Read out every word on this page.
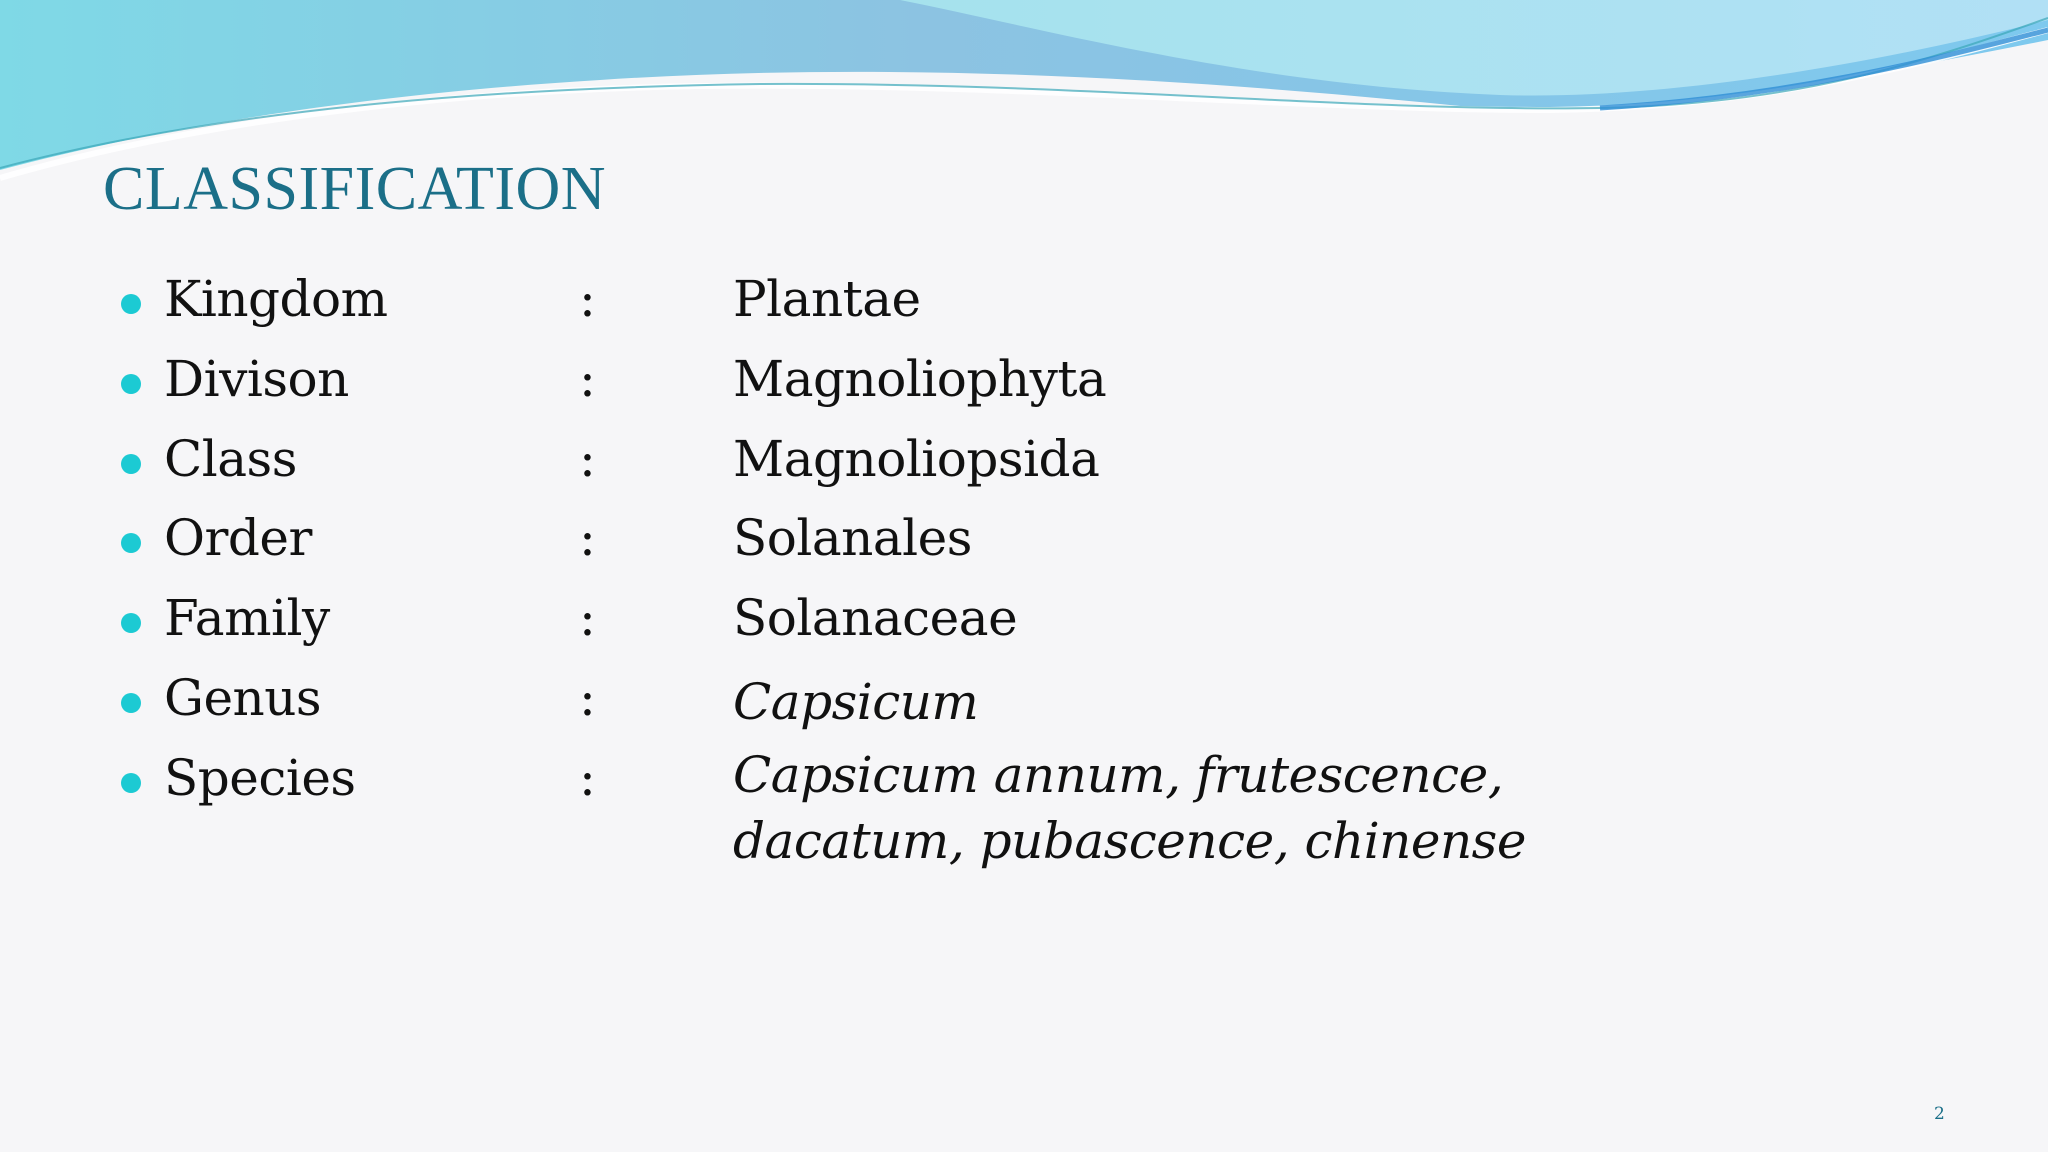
CLASSIFICATION
Kingdom	:	Plantae
Divison	:	Magnoliophyta
Class	:	Magnoliopsida
Order	:	Solanales
Family	:	Solanaceae
Genus	:	Capsicum
Species	:	Capsicum annum, frutescence, dacatum, pubascence, chinense
2
